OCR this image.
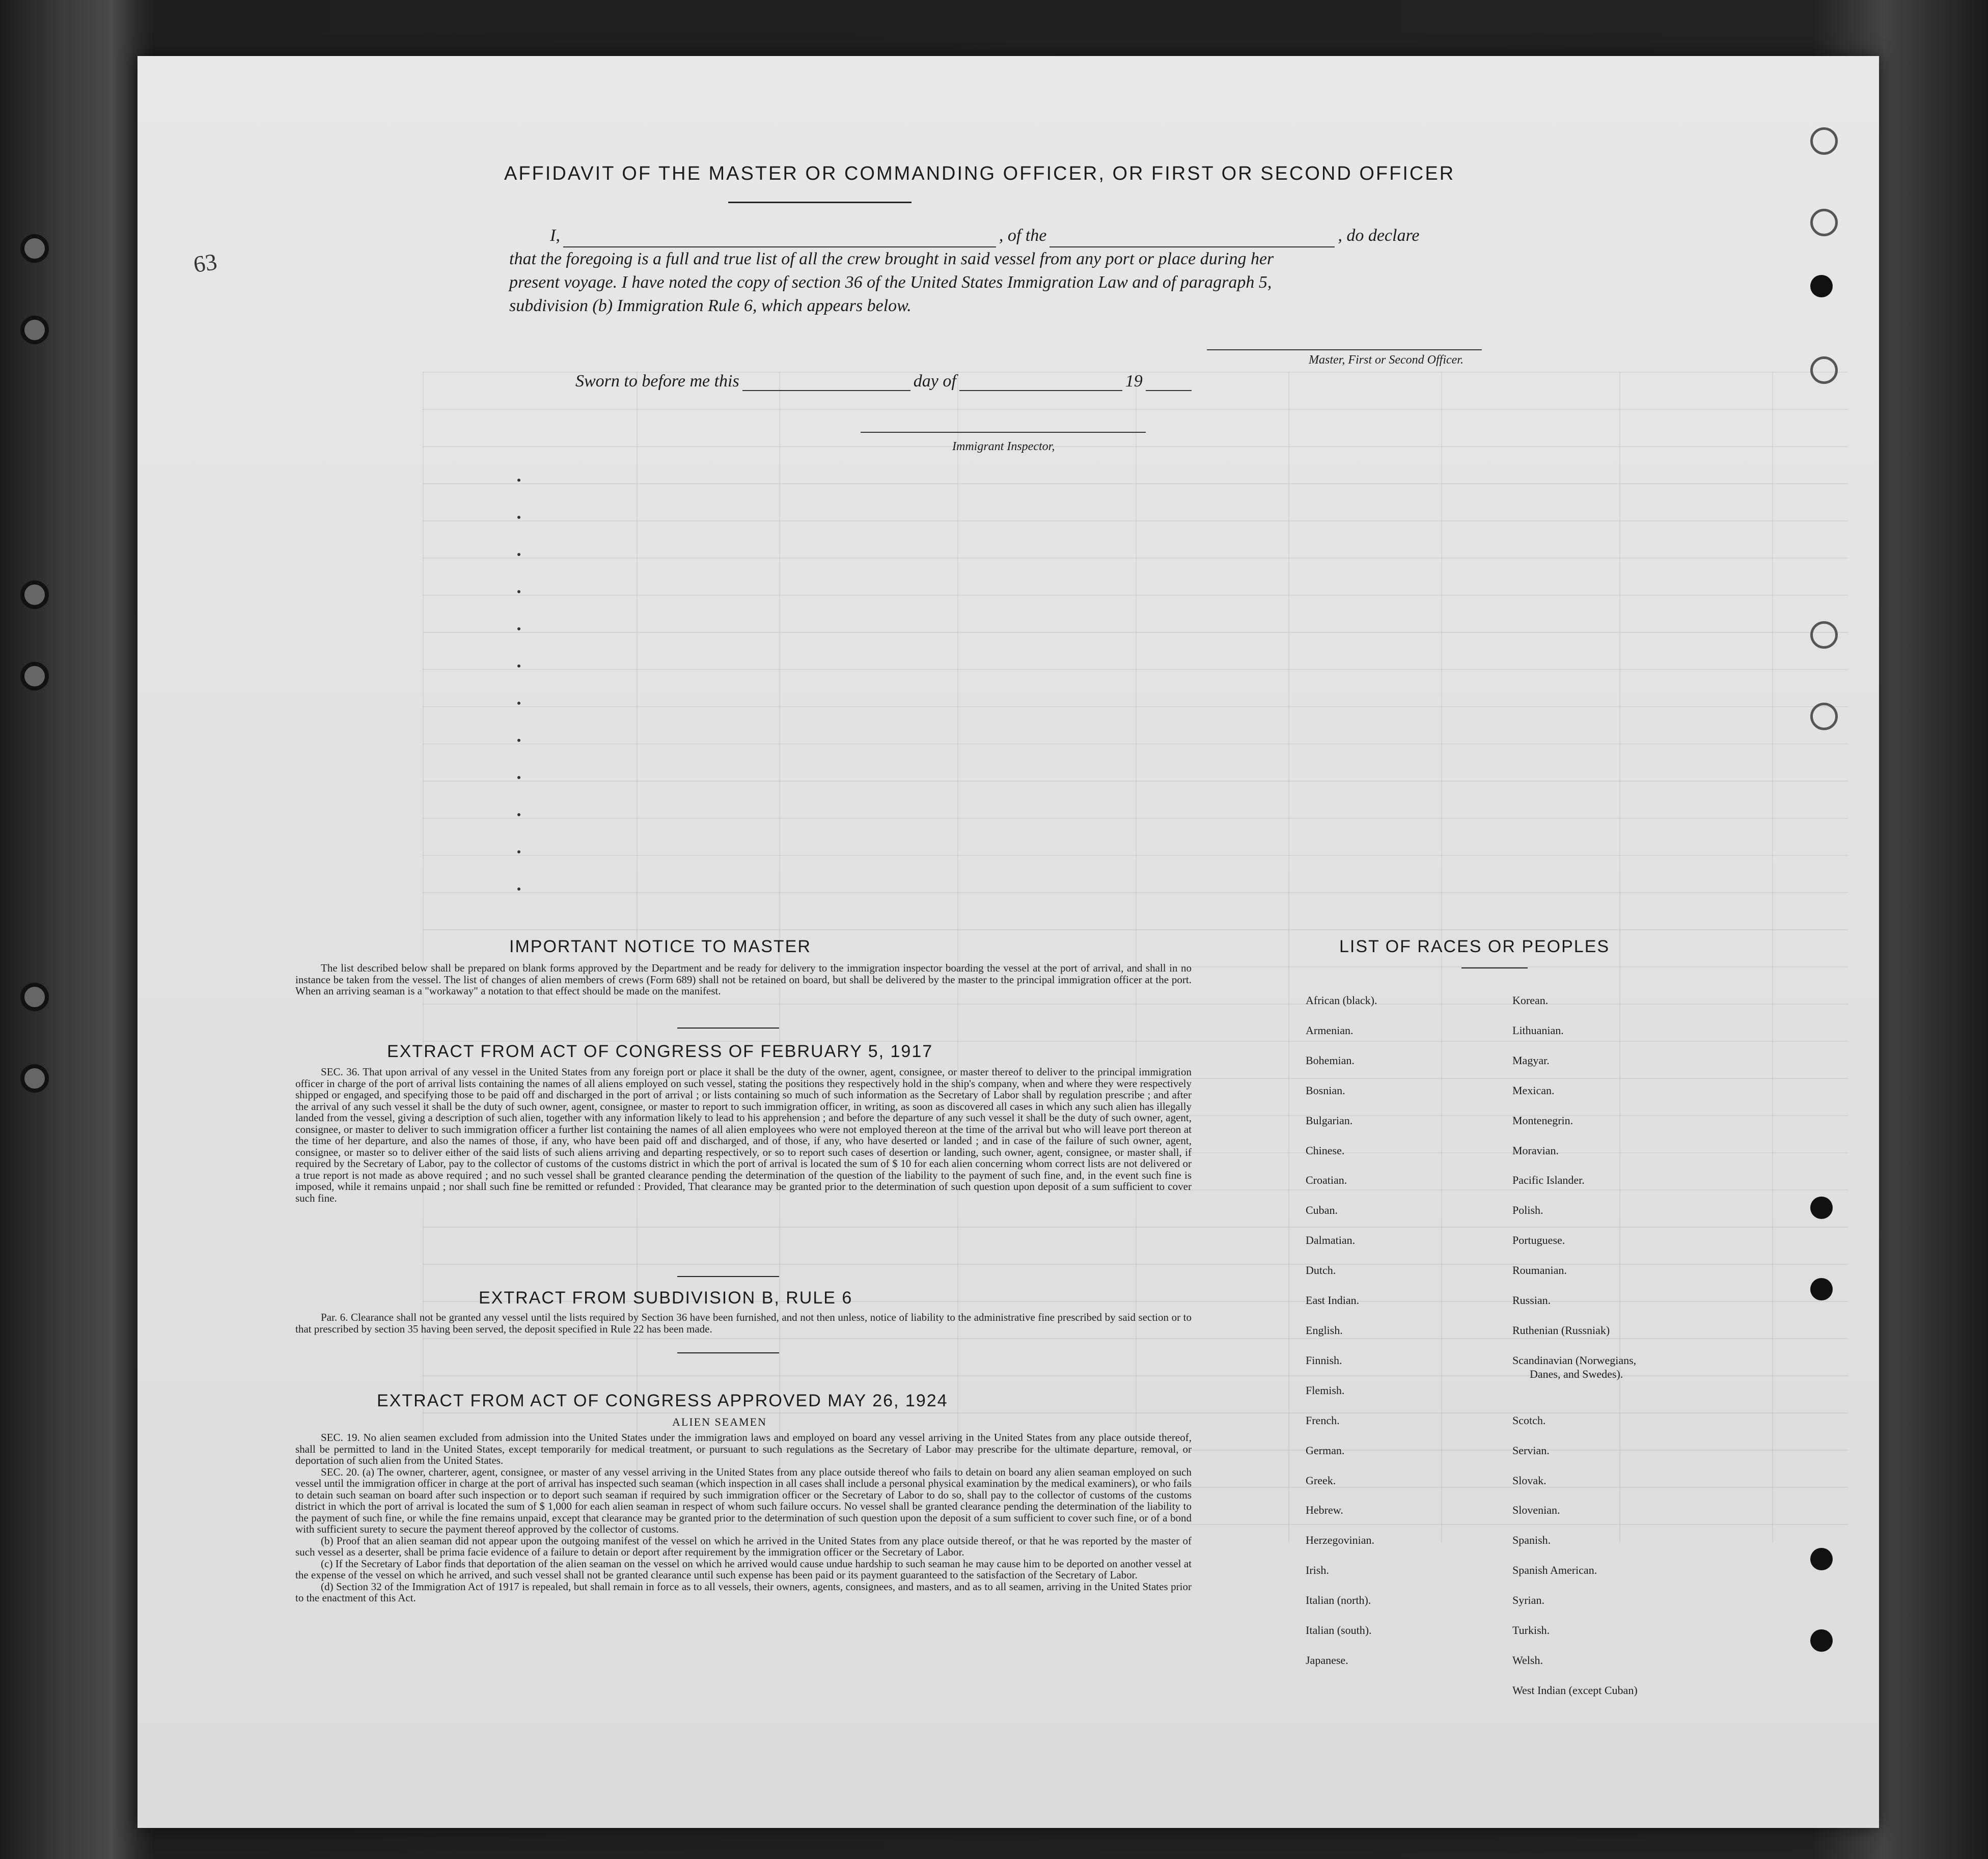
63
AFFIDAVIT OF THE MASTER OR COMMANDING OFFICER, OR FIRST OR SECOND OFFICER
I,	, of the	, do declare
that the foregoing is a full and true list of all the crew brought in said vessel from any port or place during her
present voyage. I have noted the copy of section 36 of the United States Immigration Law and of paragraph 5,
subdivision (b) Immigration Rule 6, which appears below.
Master, First or Second Officer.
Sworn to before me this	day of	19
Immigrant Inspector,
IMPORTANT NOTICE TO MASTER

The list described below shall be prepared on blank forms approved by the Department and be ready for delivery to the immigration inspector boarding the vessel at the port of arrival, and shall in no instance be taken from the vessel. The list of changes of alien members of crews (Form 689) shall not be retained on board, but shall be delivered by the master to the principal immigration officer at the port. When an arriving seaman is a "workaway" a notation to that effect should be made on the manifest.

EXTRACT FROM ACT OF CONGRESS OF FEBRUARY 5, 1917

SEC. 36. That upon arrival of any vessel in the United States from any foreign port or place it shall be the duty of the owner, agent, consignee, or master thereof to deliver to the principal immigration officer in charge of the port of arrival lists containing the names of all aliens employed on such vessel, stating the positions they respectively hold in the ship's company, when and where they were respectively shipped or engaged, and specifying those to be paid off and discharged in the port of arrival ; or lists containing so much of such information as the Secretary of Labor shall by regulation prescribe ; and after the arrival of any such vessel it shall be the duty of such owner, agent, consignee, or master to report to such immigration officer, in writing, as soon as discovered all cases in which any such alien has illegally landed from the vessel, giving a description of such alien, together with any information likely to lead to his apprehension ; and before the departure of any such vessel it shall be the duty of such owner, agent, consignee, or master to deliver to such immigration officer a further list containing the names of all alien employees who were not employed thereon at the time of the arrival but who will leave port thereon at the time of her departure, and also the names of those, if any, who have been paid off and discharged, and of those, if any, who have deserted or landed ; and in case of the failure of such owner, agent, consignee, or master so to deliver either of the said lists of such aliens arriving and departing respectively, or so to report such cases of desertion or landing, such owner, agent, consignee, or master shall, if required by the Secretary of Labor, pay to the collector of customs of the customs district in which the port of arrival is located the sum of $ 10 for each alien concerning whom correct lists are not delivered or a true report is not made as above required ; and no such vessel shall be granted clearance pending the determination of the question of the liability to the payment of such fine, and, in the event such fine is imposed, while it remains unpaid ; nor shall such fine be remitted or refunded : Provided, That clearance may be granted prior to the determination of such question upon deposit of a sum sufficient to cover such fine.

EXTRACT FROM SUBDIVISION B, RULE 6

Par. 6. Clearance shall not be granted any vessel until the lists required by Section 36 have been furnished, and not then unless, notice of liability to the administrative fine prescribed by said section or to that prescribed by section 35 having been served, the deposit specified in Rule 22 has been made.

EXTRACT FROM ACT OF CONGRESS APPROVED MAY 26, 1924
ALIEN SEAMEN

SEC. 19. No alien seamen excluded from admission into the United States under the immigration laws and employed on board any vessel arriving in the United States from any place outside thereof, shall be permitted to land in the United States, except temporarily for medical treatment, or pursuant to such regulations as the Secretary of Labor may prescribe for the ultimate departure, removal, or deportation of such alien from the United States.

SEC. 20. (a) The owner, charterer, agent, consignee, or master of any vessel arriving in the United States from any place outside thereof who fails to detain on board any alien seaman employed on such vessel until the immigration officer in charge at the port of arrival has inspected such seaman (which inspection in all cases shall include a personal physical examination by the medical examiners), or who fails to detain such seaman on board after such inspection or to deport such seaman if required by such immigration officer or the Secretary of Labor to do so, shall pay to the collector of customs of the customs district in which the port of arrival is located the sum of $ 1,000 for each alien seaman in respect of whom such failure occurs. No vessel shall be granted clearance pending the determination of the liability to the payment of such fine, or while the fine remains unpaid, except that clearance may be granted prior to the determination of such question upon the deposit of a sum sufficient to cover such fine, or of a bond with sufficient surety to secure the payment thereof approved by the collector of customs.

(b) Proof that an alien seaman did not appear upon the outgoing manifest of the vessel on which he arrived in the United States from any place outside thereof, or that he was reported by the master of such vessel as a deserter, shall be prima facie evidence of a failure to detain or deport after requirement by the immigration officer or the Secretary of Labor.

(c) If the Secretary of Labor finds that deportation of the alien seaman on the vessel on which he arrived would cause undue hardship to such seaman he may cause him to be deported on another vessel at the expense of the vessel on which he arrived, and such vessel shall not be granted clearance until such expense has been paid or its payment guaranteed to the satisfaction of the Secretary of Labor.

(d) Section 32 of the Immigration Act of 1917 is repealed, but shall remain in force as to all vessels, their owners, agents, consignees, and masters, and as to all seamen, arriving in the United States prior to the enactment of this Act.

LIST OF RACES OR PEOPLES
African (black).
Armenian.
Bohemian.
Bosnian.
Bulgarian.
Chinese.
Croatian.
Cuban.
Dalmatian.
Dutch.
East Indian.
English.
Finnish.
Flemish.
French.
German.
Greek.
Hebrew.
Herzegovinian.
Irish.
Italian (north).
Italian (south).
Japanese.
Korean.
Lithuanian.
Magyar.
Mexican.
Montenegrin.
Moravian.
Pacific Islander.
Polish.
Portuguese.
Roumanian.
Russian.
Ruthenian (Russniak)
Scandinavian (Norwegians,
Danes, and Swedes).
Scotch.
Servian.
Slovak.
Slovenian.
Spanish.
Spanish American.
Syrian.
Turkish.
Welsh.
West Indian (except Cuban)
